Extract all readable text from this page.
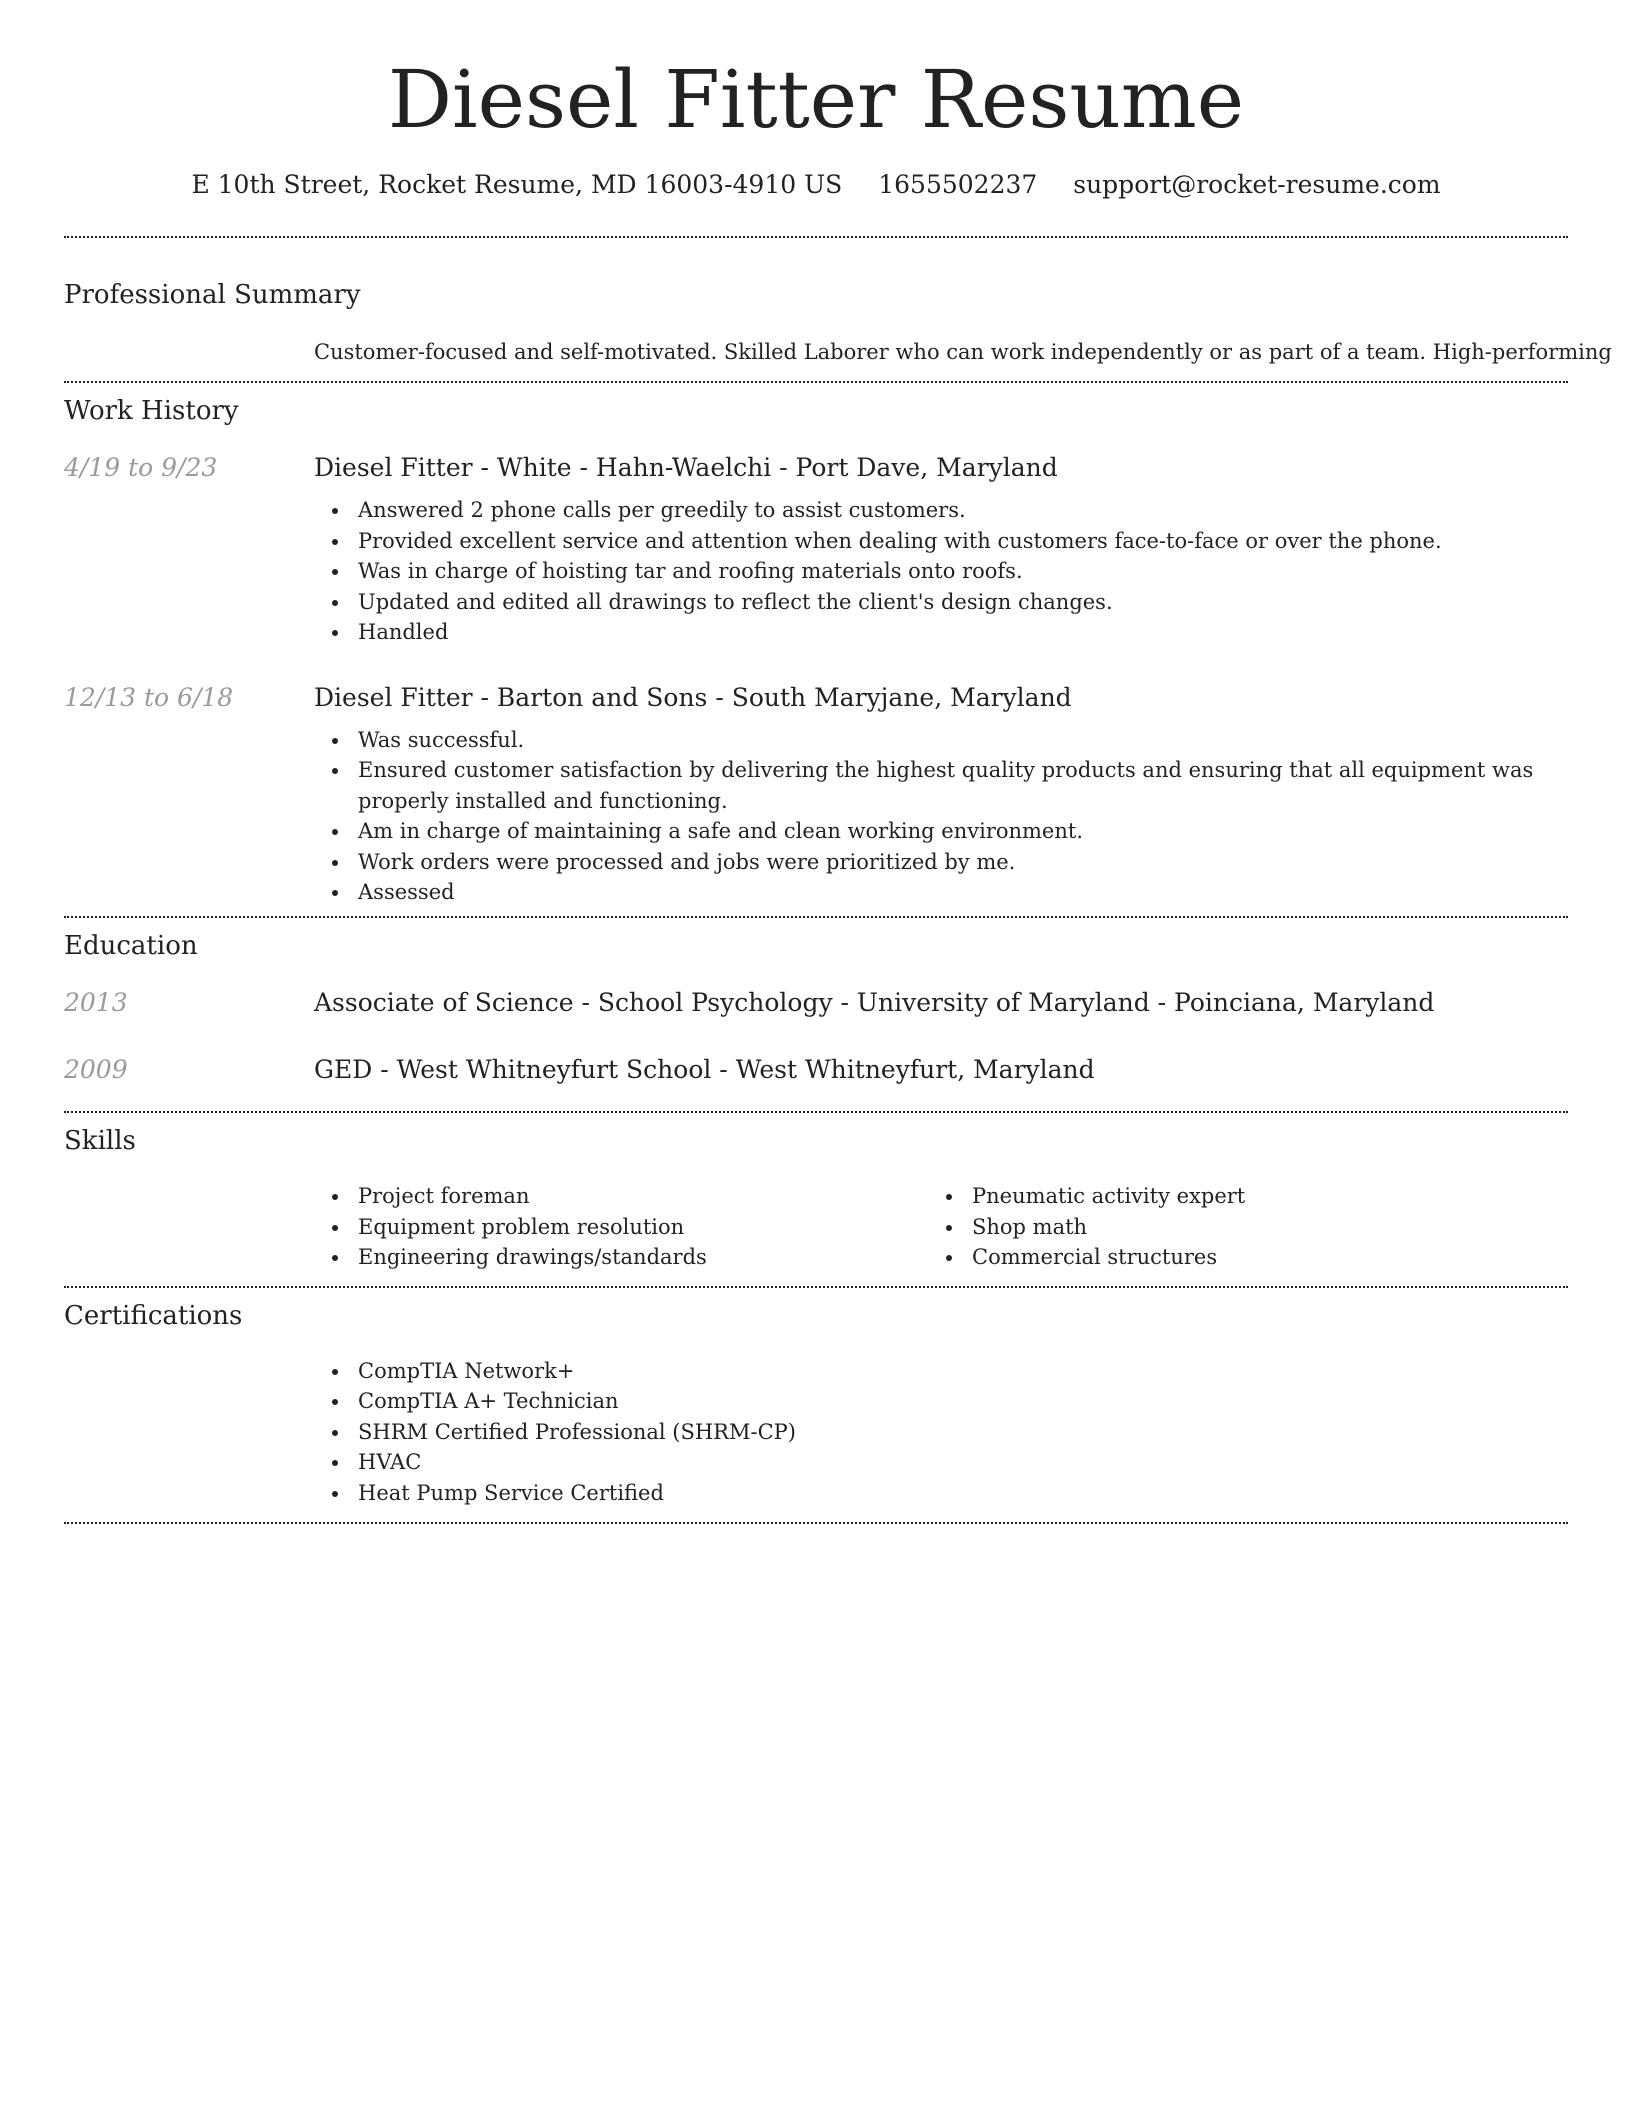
Diesel Fitter Resume
E 10th Street, Rocket Resume, MD 16003-4910 US 1655502237 support@rocket-resume.com
Professional Summary
Customer-focused and self-motivated. Skilled Laborer who can work independently or as part of a team. High-performing
Work History
4/19 to 9/23	Diesel Fitter - White - Hahn-Waelchi - Port Dave, Maryland
Answered 2 phone calls per greedily to assist customers.
Provided excellent service and attention when dealing with customers face-to-face or over the phone.
Was in charge of hoisting tar and roofing materials onto roofs.
Updated and edited all drawings to reflect the client's design changes.
Handled
12/13 to 6/18	Diesel Fitter - Barton and Sons - South Maryjane, Maryland
Was successful.
Ensured customer satisfaction by delivering the highest quality products and ensuring that all equipment was properly installed and functioning.
Am in charge of maintaining a safe and clean working environment.
Work orders were processed and jobs were prioritized by me.
Assessed
Education
2013	Associate of Science - School Psychology - University of Maryland - Poinciana, Maryland
2009	GED - West Whitneyfurt School - West Whitneyfurt, Maryland
Skills
Project foreman
Equipment problem resolution
Engineering drawings/standards
Pneumatic activity expert
Shop math
Commercial structures
Certifications
CompTIA Network+
CompTIA A+ Technician
SHRM Certified Professional (SHRM-CP)
HVAC
Heat Pump Service Certified
